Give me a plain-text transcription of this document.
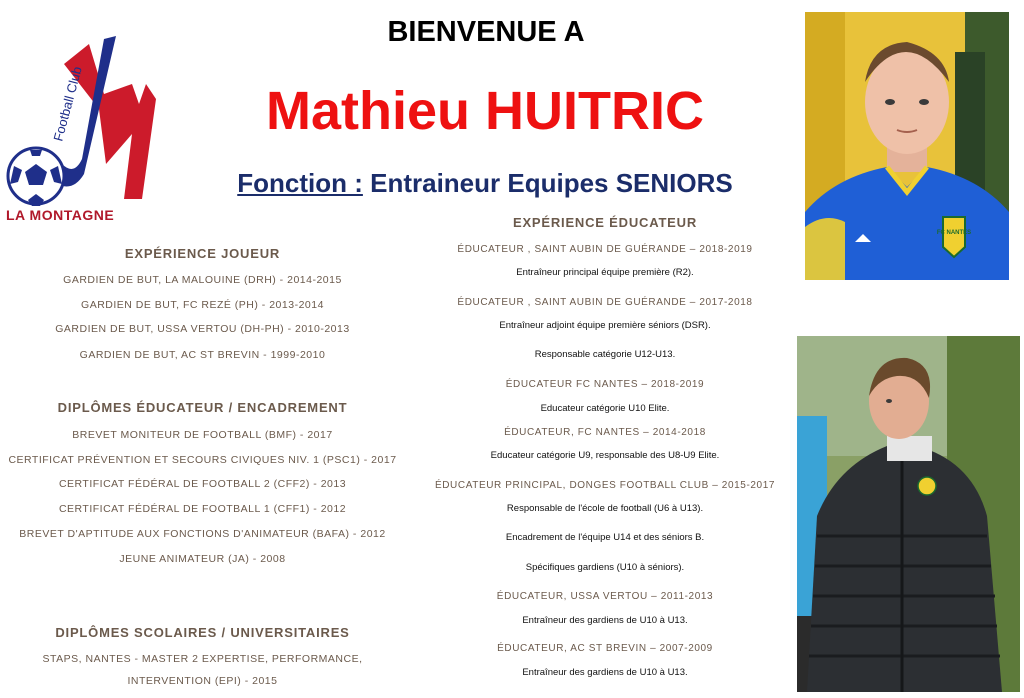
Football Club
LA MONTAGNE
BIENVENUE A
Mathieu HUITRIC
Fonction : Entraineur Equipes SENIORS
EXPÉRIENCE JOUEUR
GARDIEN DE BUT, LA MALOUINE (DRH) - 2014-2015
GARDIEN DE BUT, FC REZÉ (PH) - 2013-2014
GARDIEN DE BUT, USSA VERTOU (DH-PH) - 2010-2013
GARDIEN DE BUT, AC ST BREVIN - 1999-2010
DIPLÔMES ÉDUCATEUR / ENCADREMENT
BREVET MONITEUR DE FOOTBALL (BMF) - 2017
CERTIFICAT PRÉVENTION ET SECOURS CIVIQUES NIV. 1 (PSC1) - 2017
CERTIFICAT FÉDÉRAL DE FOOTBALL 2 (CFF2) - 2013
CERTIFICAT FÉDÉRAL DE FOOTBALL 1 (CFF1) - 2012
BREVET D'APTITUDE AUX FONCTIONS D'ANIMATEUR (BAFA) - 2012
JEUNE ANIMATEUR (JA) - 2008
DIPLÔMES SCOLAIRES / UNIVERSITAIRES
STAPS, NANTES - MASTER 2 EXPERTISE, PERFORMANCE,
INTERVENTION (EPI) - 2015
EXPÉRIENCE ÉDUCATEUR
ÉDUCATEUR , SAINT AUBIN DE GUÉRANDE – 2018-2019
Entraîneur principal équipe première (R2).
ÉDUCATEUR , SAINT AUBIN DE GUÉRANDE – 2017-2018
Entraîneur adjoint équipe première séniors (DSR).
Responsable catégorie U12-U13.
ÉDUCATEUR FC NANTES – 2018-2019
Educateur catégorie U10 Elite.
ÉDUCATEUR, FC NANTES – 2014-2018
Educateur catégorie U9, responsable des U8-U9 Elite.
ÉDUCATEUR PRINCIPAL, DONGES FOOTBALL CLUB – 2015-2017
Responsable de l'école de football (U6 à U13).
Encadrement de l'équipe U14 et des séniors B.
Spécifiques gardiens (U10 à séniors).
ÉDUCATEUR, USSA VERTOU – 2011-2013
Entraîneur des gardiens de U10 à U13.
ÉDUCATEUR, AC ST BREVIN – 2007-2009
Entraîneur des gardiens de U10 à U13.
FC NANTES
